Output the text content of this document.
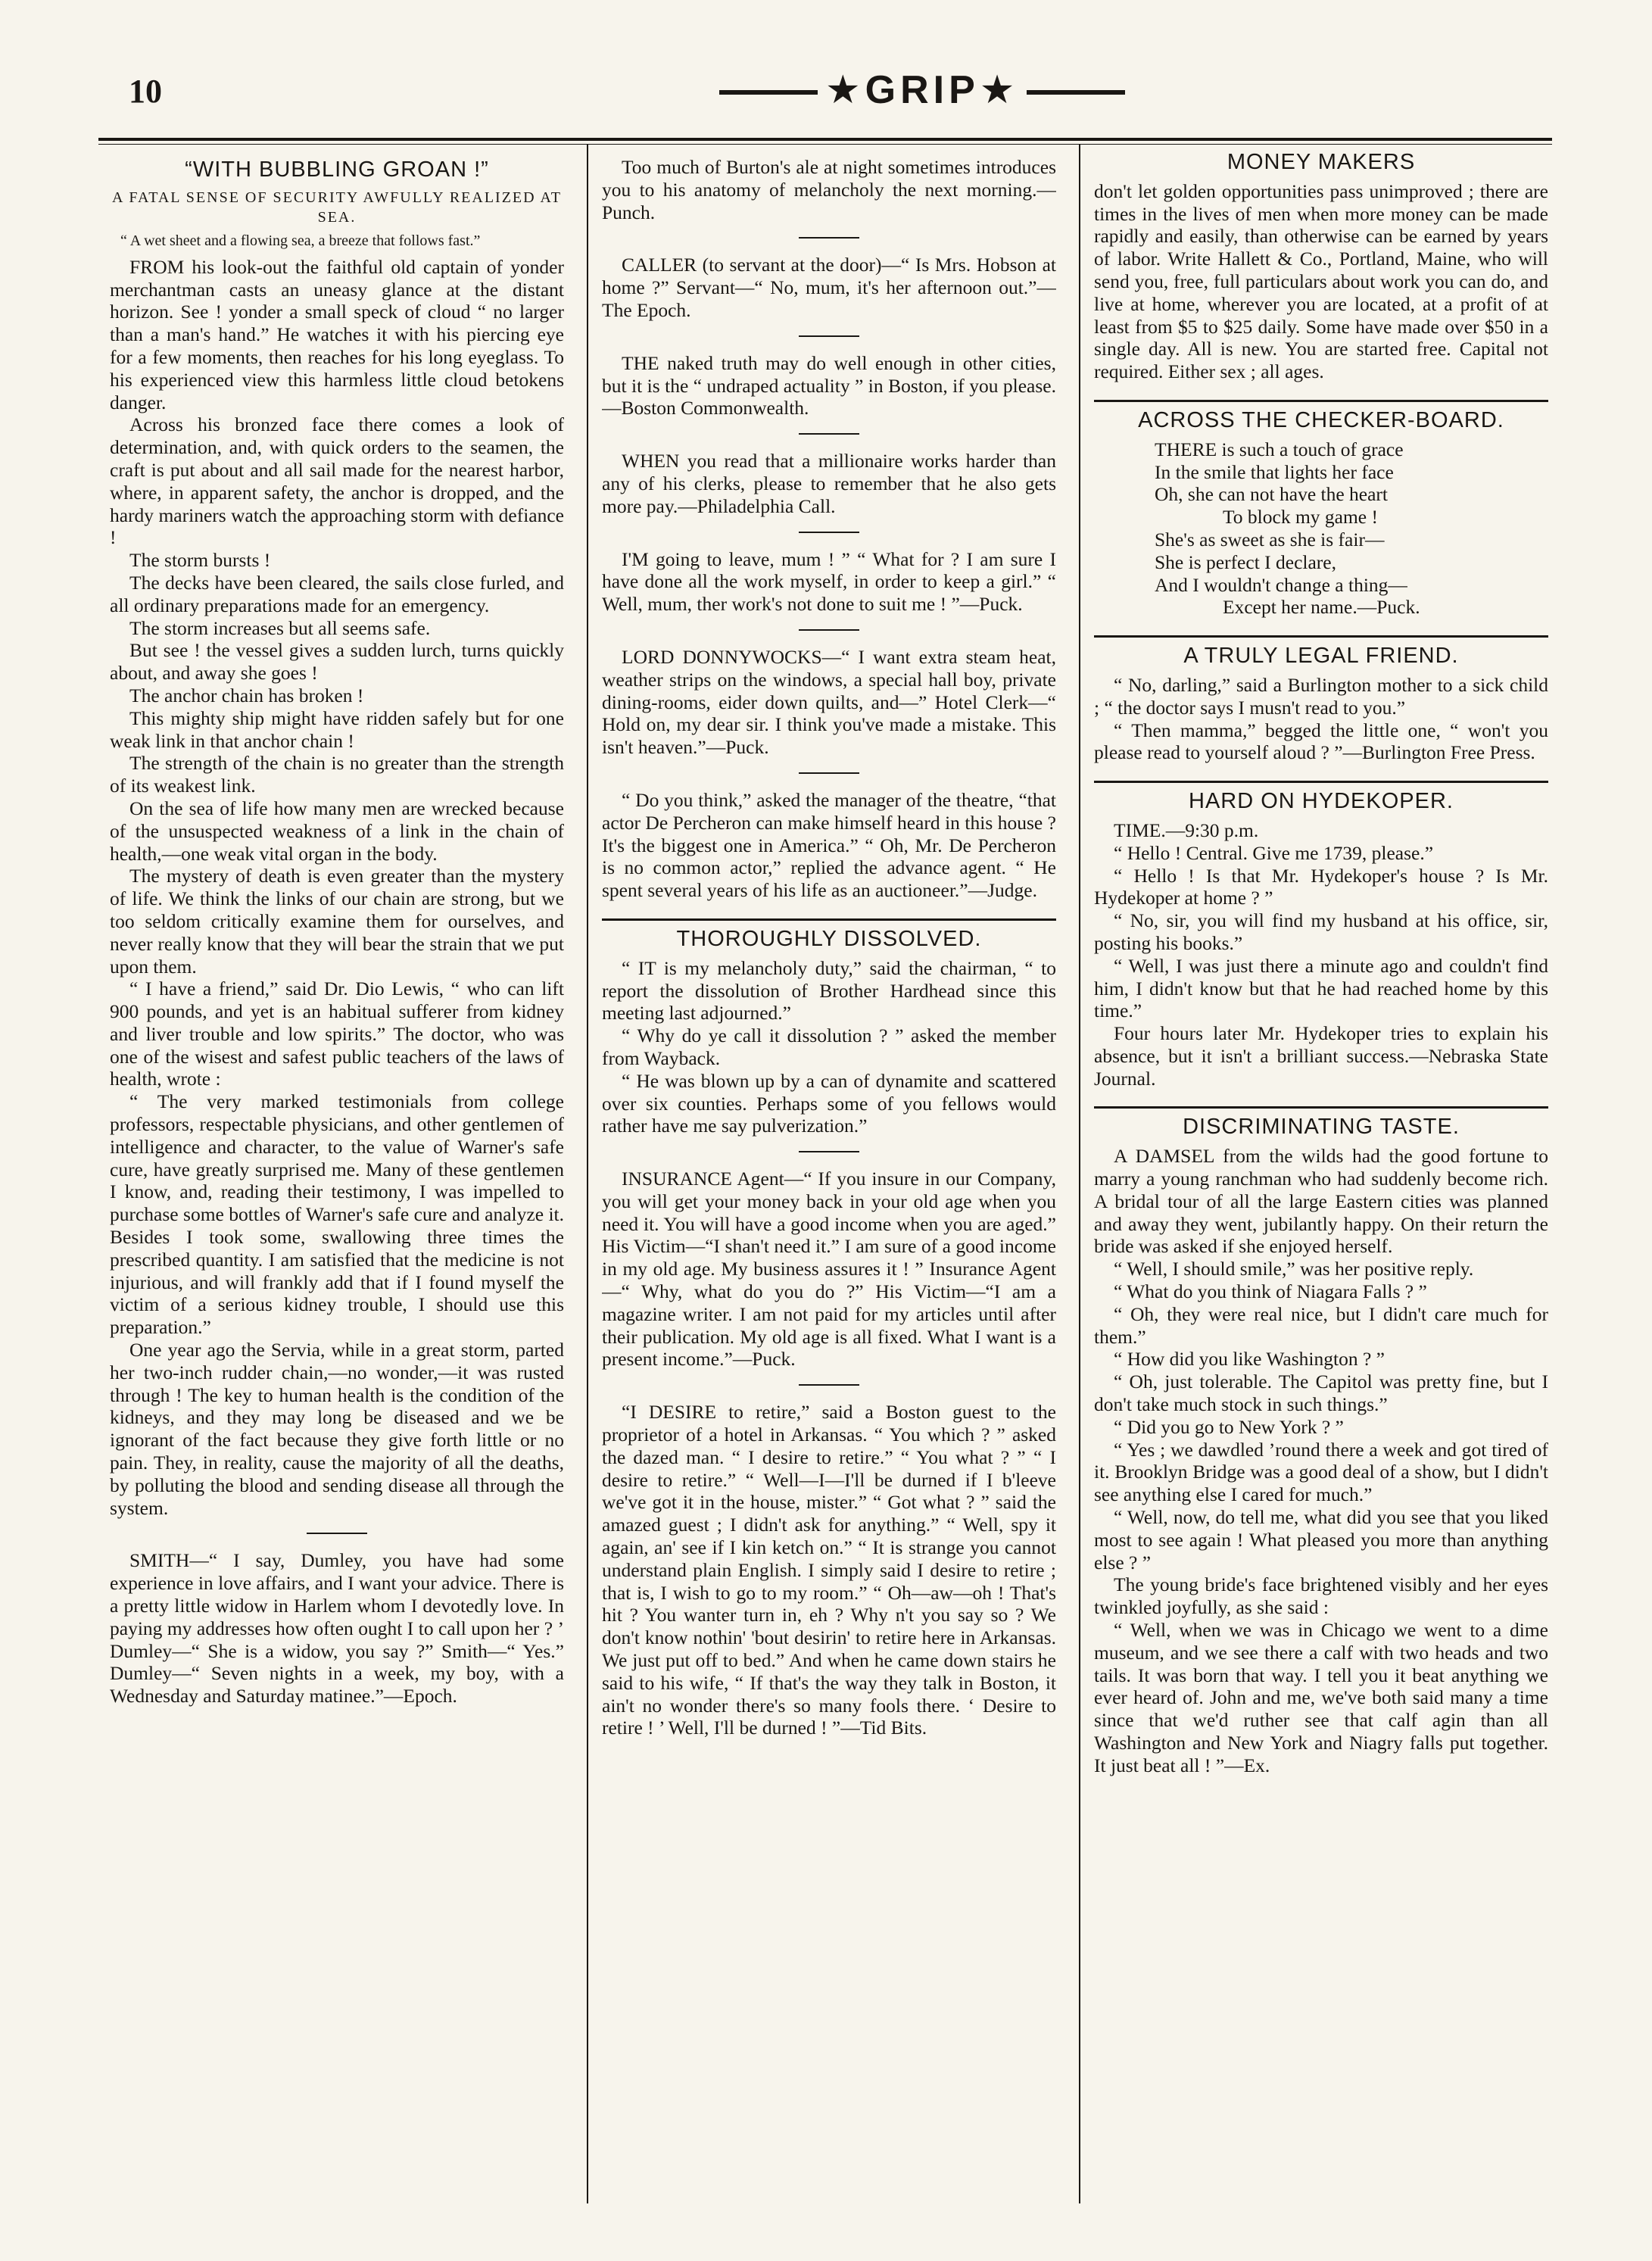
10	★GRIP★
“WITH BUBBLING GROAN !”
A FATAL SENSE OF SECURITY AWFULLY REALIZED AT SEA.
“ A wet sheet and a flowing sea, a breeze that follows fast.”

FROM his look-out the faithful old captain of yonder merchantman casts an uneasy glance at the distant horizon. See ! yonder a small speck of cloud “ no larger than a man's hand.” He watches it with his piercing eye for a few moments, then reaches for his long eyeglass. To his experienced view this harmless little cloud betokens danger.

Across his bronzed face there comes a look of determination, and, with quick orders to the seamen, the craft is put about and all sail made for the nearest harbor, where, in apparent safety, the anchor is dropped, and the hardy mariners watch the approaching storm with defiance !

The storm bursts !

The decks have been cleared, the sails close furled, and all ordinary preparations made for an emergency.

The storm increases but all seems safe.

But see ! the vessel gives a sudden lurch, turns quickly about, and away she goes !

The anchor chain has broken !

This mighty ship might have ridden safely but for one weak link in that anchor chain !

The strength of the chain is no greater than the strength of its weakest link.

On the sea of life how many men are wrecked because of the unsuspected weakness of a link in the chain of health,—one weak vital organ in the body.

The mystery of death is even greater than the mystery of life. We think the links of our chain are strong, but we too seldom critically examine them for ourselves, and never really know that they will bear the strain that we put upon them.

“ I have a friend,” said Dr. Dio Lewis, “ who can lift 900 pounds, and yet is an habitual sufferer from kidney and liver trouble and low spirits.” The doctor, who was one of the wisest and safest public teachers of the laws of health, wrote :

“ The very marked testimonials from college professors, respectable physicians, and other gentlemen of intelligence and character, to the value of Warner's safe cure, have greatly surprised me. Many of these gentlemen I know, and, reading their testimony, I was impelled to purchase some bottles of Warner's safe cure and analyze it. Besides I took some, swallowing three times the prescribed quantity. I am satisfied that the medicine is not injurious, and will frankly add that if I found myself the victim of a serious kidney trouble, I should use this preparation.”

One year ago the Servia, while in a great storm, parted her two-inch rudder chain,—no wonder,—it was rusted through ! The key to human health is the condition of the kidneys, and they may long be diseased and we be ignorant of the fact because they give forth little or no pain. They, in reality, cause the majority of all the deaths, by polluting the blood and sending disease all through the system.

SMITH—“ I say, Dumley, you have had some experience in love affairs, and I want your advice. There is a pretty little widow in Harlem whom I devotedly love. In paying my addresses how often ought I to call upon her ? ’ Dumley—“ She is a widow, you say ?” Smith—“ Yes.” Dumley—“ Seven nights in a week, my boy, with a Wednesday and Saturday matinee.”—Epoch.

Too much of Burton's ale at night sometimes introduces you to his anatomy of melancholy the next morning.—Punch.

CALLER (to servant at the door)—“ Is Mrs. Hobson at home ?” Servant—“ No, mum, it's her afternoon out.”—The Epoch.

THE naked truth may do well enough in other cities, but it is the “ undraped actuality ” in Boston, if you please.—Boston Commonwealth.

WHEN you read that a millionaire works harder than any of his clerks, please to remember that he also gets more pay.—Philadelphia Call.

I'M going to leave, mum ! ” “ What for ? I am sure I have done all the work myself, in order to keep a girl.” “ Well, mum, ther work's not done to suit me ! ”—Puck.

LORD DONNYWOCKS—“ I want extra steam heat, weather strips on the windows, a special hall boy, private dining-rooms, eider down quilts, and—” Hotel Clerk—“ Hold on, my dear sir. I think you've made a mistake. This isn't heaven.”—Puck.

“ Do you think,” asked the manager of the theatre, “that actor De Percheron can make himself heard in this house ? It's the biggest one in America.” “ Oh, Mr. De Percheron is no common actor,” replied the advance agent. “ He spent several years of his life as an auctioneer.”—Judge.

THOROUGHLY DISSOLVED.

“ IT is my melancholy duty,” said the chairman, “ to report the dissolution of Brother Hardhead since this meeting last adjourned.”

“ Why do ye call it dissolution ? ” asked the member from Wayback.

“ He was blown up by a can of dynamite and scattered over six counties. Perhaps some of you fellows would rather have me say pulverization.”

INSURANCE Agent—“ If you insure in our Company, you will get your money back in your old age when you need it. You will have a good income when you are aged.” His Victim—“I shan't need it.” I am sure of a good income in my old age. My business assures it ! ” Insurance Agent—“ Why, what do you do ?” His Victim—“I am a magazine writer. I am not paid for my articles until after their publication. My old age is all fixed. What I want is a present income.”—Puck.

“I DESIRE to retire,” said a Boston guest to the proprietor of a hotel in Arkansas. “ You which ? ” asked the dazed man. “ I desire to retire.” “ You what ? ” “ I desire to retire.” “ Well—I—I'll be durned if I b'leeve we've got it in the house, mister.” “ Got what ? ” said the amazed guest ; I didn't ask for anything.” “ Well, spy it again, an' see if I kin ketch on.” “ It is strange you cannot understand plain English. I simply said I desire to retire ; that is, I wish to go to my room.” “ Oh—aw—oh ! That's hit ? You wanter turn in, eh ? Why n't you say so ? We don't know nothin' 'bout desirin' to retire here in Arkansas. We just put off to bed.” And when he came down stairs he said to his wife, “ If that's the way they talk in Boston, it ain't no wonder there's so many fools there. ‘ Desire to retire ! ’ Well, I'll be durned ! ”—Tid Bits.

MONEY MAKERS

don't let golden opportunities pass unimproved ; there are times in the lives of men when more money can be made rapidly and easily, than otherwise can be earned by years of labor. Write Hallett & Co., Portland, Maine, who will send you, free, full particulars about work you can do, and live at home, wherever you are located, at a profit of at least from $5 to $25 daily. Some have made over $50 in a single day. All is new. You are started free. Capital not required. Either sex ; all ages.

ACROSS THE CHECKER-BOARD.
THERE is such a touch of grace
In the smile that lights her face
Oh, she can not have the heart
To block my game !
She's as sweet as she is fair—
She is perfect I declare,
And I wouldn't change a thing—
Except her name.—Puck.
A TRULY LEGAL FRIEND.

“ No, darling,” said a Burlington mother to a sick child ; “ the doctor says I musn't read to you.”

“ Then mamma,” begged the little one, “ won't you please read to yourself aloud ? ”—Burlington Free Press.

HARD ON HYDEKOPER.

TIME.—9:30 p.m.

“ Hello ! Central. Give me 1739, please.”

“ Hello ! Is that Mr. Hydekoper's house ? Is Mr. Hydekoper at home ? ”

“ No, sir, you will find my husband at his office, sir, posting his books.”

“ Well, I was just there a minute ago and couldn't find him, I didn't know but that he had reached home by this time.”

Four hours later Mr. Hydekoper tries to explain his absence, but it isn't a brilliant success.—Nebraska State Journal.

DISCRIMINATING TASTE.

A DAMSEL from the wilds had the good fortune to marry a young ranchman who had suddenly become rich. A bridal tour of all the large Eastern cities was planned and away they went, jubilantly happy. On their return the bride was asked if she enjoyed herself.

“ Well, I should smile,” was her positive reply.

“ What do you think of Niagara Falls ? ”

“ Oh, they were real nice, but I didn't care much for them.”

“ How did you like Washington ? ”

“ Oh, just tolerable. The Capitol was pretty fine, but I don't take much stock in such things.”

“ Did you go to New York ? ”

“ Yes ; we dawdled ’round there a week and got tired of it. Brooklyn Bridge was a good deal of a show, but I didn't see anything else I cared for much.”

“ Well, now, do tell me, what did you see that you liked most to see again ! What pleased you more than anything else ? ”

The young bride's face brightened visibly and her eyes twinkled joyfully, as she said :

“ Well, when we was in Chicago we went to a dime museum, and we see there a calf with two heads and two tails. It was born that way. I tell you it beat anything we ever heard of. John and me, we've both said many a time since that we'd ruther see that calf agin than all Washington and New York and Niagry falls put together. It just beat all ! ”—Ex.
